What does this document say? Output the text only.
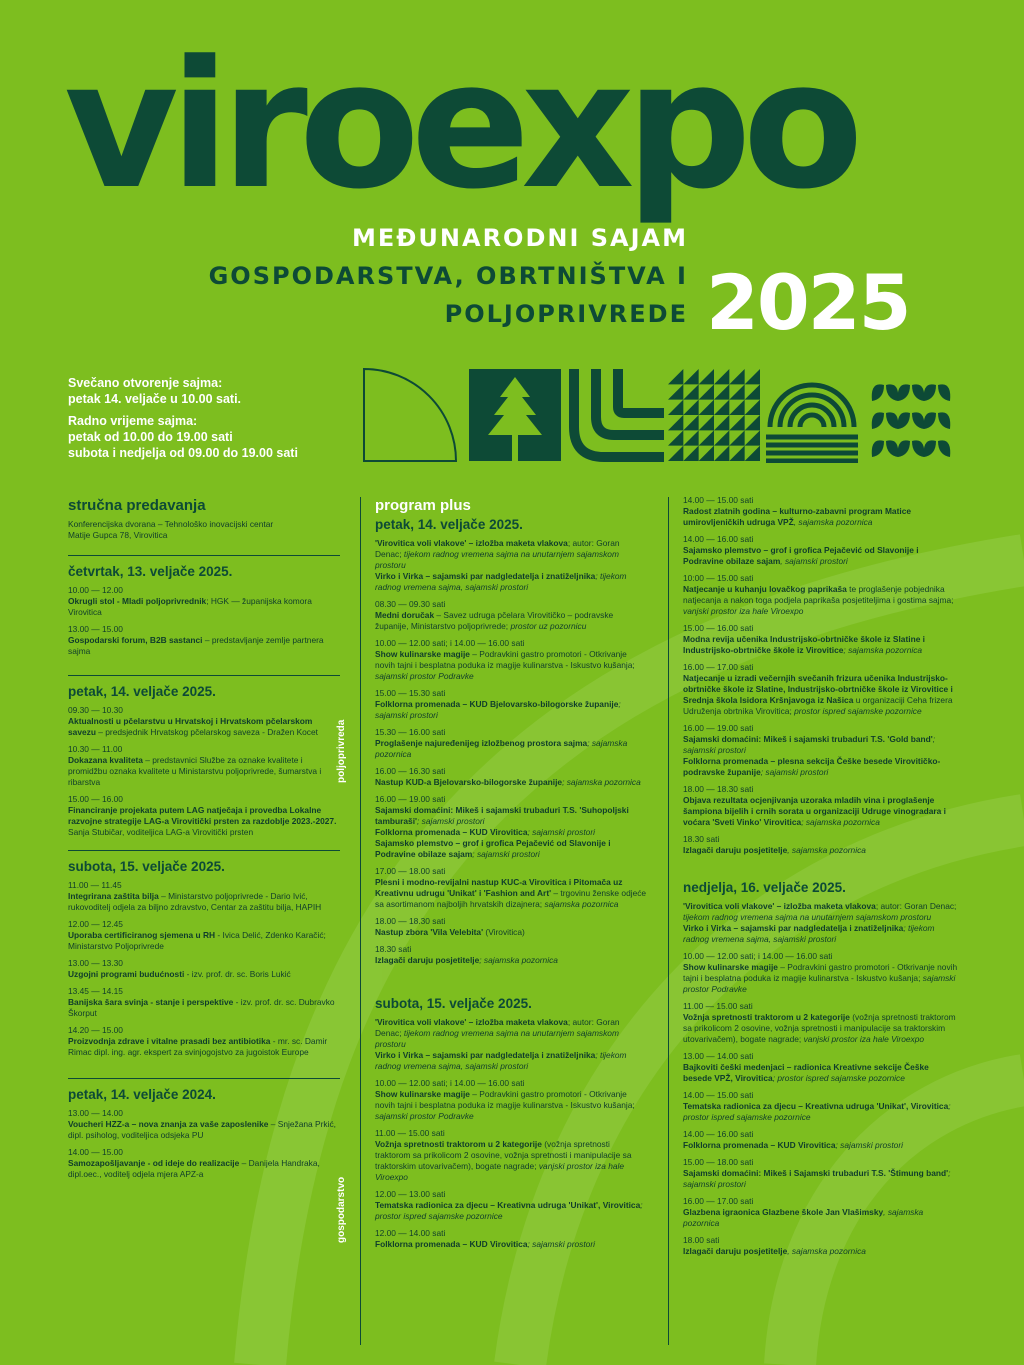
viroexpo
MEĐUNARODNI SAJAM
GOSPODARSTVA, OBRTNIŠTVA I
POLJOPRIVREDE 2025

Svečano otvorenje sajma:

petak 14. veljače u 10.00 sati.

Radno vrijeme sajma:

petak od 10.00 do 19.00 sati

subota i nedjelja od 09.00 do 19.00 sati

poljoprivreda
gospodarstvo
stručna predavanja
Konferencijska dvorana – Tehnološko inovacijski centar
Matije Gupca 78, Virovitica
četvrtak, 13. veljače 2025.
10.00 — 12.00
Okrugli stol - Mladi poljoprivrednik; HGK — županijska komora Virovitica
13.00 — 15.00
Gospodarski forum, B2B sastanci – predstavljanje zemlje partnera sajma
petak, 14. veljače 2025.
09.30 — 10.30
Aktualnosti u pčelarstvu u Hrvatskoj i Hrvatskom pčelarskom savezu – predsjednik Hrvatskog pčelarskog saveza - Dražen Kocet
10.30 — 11.00
Dokazana kvaliteta – predstavnici Službe za oznake kvalitete i promidžbu oznaka kvalitete u Ministarstvu poljoprivrede, šumarstva i ribarstva
15.00 — 16.00
Financiranje projekata putem LAG natječaja i provedba Lokalne razvojne strategije LAG-a Virovitički prsten za razdoblje 2023.-2027. Sanja Stubičar, voditeljica LAG-a Virovitički prsten
subota, 15. veljače 2025.
11.00 — 11.45
Integrirana zaštita bilja – Ministarstvo poljoprivrede - Dario Ivić, rukovoditelj odjela za biljno zdravstvo, Centar za zaštitu bilja, HAPIH
12.00 — 12.45
Uporaba certificiranog sjemena u RH - Ivica Delić, Zdenko Karačić; Ministarstvo Poljoprivrede
13.00 — 13.30
Uzgojni programi budućnosti - izv. prof. dr. sc. Boris Lukić
13.45 — 14.15
Banijska šara svinja - stanje i perspektive - izv. prof. dr. sc. Dubravko Škorput
14.20 — 15.00
Proizvodnja zdrave i vitalne prasadi bez antibiotika - mr. sc. Damir Rimac dipl. ing. agr. ekspert za svinjogojstvo za jugoistok Europe
petak, 14. veljače 2024.
13.00 — 14.00
Voucheri HZZ-a – nova znanja za vaše zaposlenike – Snježana Prkić, dipl. psiholog, voditeljica odsjeka PU
14.00 — 15.00
Samozapošljavanje - od ideje do realizacije – Danijela Handraka, dipl.oec., voditelj odjela mjera APZ-a
program plus
petak, 14. veljače 2025.
'Virovitica voli vlakove' – izložba maketa vlakova; autor: Goran Denac; tijekom radnog vremena sajma na unutarnjem sajamskom prostoru
Virko i Virka – sajamski par nadgledatelja i znatiželjnika; tijekom radnog vremena sajma, sajamski prostori
08.30 — 09.30 sati
Medni doručak – Savez udruga pčelara Virovitičko – podravske županije, Ministarstvo poljoprivrede; prostor uz pozornicu
10.00 — 12.00 sati; i 14.00 — 16.00 sati
Show kulinarske magije – Podravkini gastro promotori - Otkrivanje novih tajni i besplatna poduka iz magije kulinarstva - Iskustvo kušanja; sajamski prostor Podravke
15.00 — 15.30 sati
Folklorna promenada – KUD Bjelovarsko-bilogorske županije; sajamski prostori
15.30 — 16.00 sati
Proglašenje najuređenijeg izložbenog prostora sajma; sajamska pozornica
16.00 — 16.30 sati
Nastup KUD-a Bjelovarsko-bilogorske županije; sajamska pozornica
16.00 — 19.00 sati
Sajamski domaćini: Mikeš i sajamski trubaduri T.S. 'Suhopoljski tamburaši'; sajamski prostori
Folklorna promenada – KUD Virovitica; sajamski prostori
Sajamsko plemstvo – grof i grofica Pejačević od Slavonije i Podravine obilaze sajam; sajamski prostori
17.00 — 18.00 sati
Plesni i modno-revijalni nastup KUC-a Virovitica i Pitomača uz Kreativnu udrugu 'Unikat' i 'Fashion and Art' – trgovinu ženske odjeće sa asortimanom najboljih hrvatskih dizajnera; sajamska pozornica
18.00 — 18.30 sati
Nastup zbora 'Vila Velebita' (Virovitica)
18.30 sati
Izlagači daruju posjetitelje; sajamska pozornica
subota, 15. veljače 2025.
'Virovitica voli vlakove' – izložba maketa vlakova; autor: Goran Denac; tijekom radnog vremena sajma na unutarnjem sajamskom prostoru
Virko i Virka – sajamski par nadgledatelja i znatiželjnika; tijekom radnog vremena sajma, sajamski prostori
10.00 — 12.00 sati; i 14.00 — 16.00 sati
Show kulinarske magije – Podravkini gastro promotori - Otkrivanje novih tajni i besplatna poduka iz magije kulinarstva - Iskustvo kušanja; sajamski prostor Podravke
11.00 — 15.00 sati
Vožnja spretnosti traktorom u 2 kategorije (vožnja spretnosti traktorom sa prikolicom 2 osovine, vožnja spretnosti i manipulacije sa traktorskim utovarivačem), bogate nagrade; vanjski prostor iza hale Viroexpo
12.00 — 13.00 sati
Tematska radionica za djecu – Kreativna udruga 'Unikat', Virovitica; prostor ispred sajamske pozornice
12.00 — 14.00 sati
Folklorna promenada – KUD Virovitica; sajamski prostori
14.00 — 15.00 sati
Radost zlatnih godina – kulturno-zabavni program Matice umirovljeničkih udruga VPŽ, sajamska pozornica
14.00 — 16.00 sati
Sajamsko plemstvo – grof i grofica Pejačević od Slavonije i Podravine obilaze sajam, sajamski prostori
10:00 — 15.00 sati
Natjecanje u kuhanju lovačkog paprikaša te proglašenje pobjednika natjecanja a nakon toga podjela paprikaša posjetiteljima i gostima sajma; vanjski prostor iza hale Viroexpo
15.00 — 16.00 sati
Modna revija učenika Industrijsko-obrtničke škole iz Slatine i Industrijsko-obrtničke škole iz Virovitice; sajamska pozornica
16.00 — 17.00 sati
Natjecanje u izradi večernjih svečanih frizura učenika Industrijsko-obrtničke škole iz Slatine, Industrijsko-obrtničke škole iz Virovitice i Srednja škola Isidora Kršnjavoga iz Našica u organizaciji Ceha frizera Udruženja obrtnika Virovitica; prostor ispred sajamske pozornice
16.00 — 19.00 sati
Sajamski domaćini: Mikeš i sajamski trubaduri T.S. 'Gold band'; sajamski prostori
Folklorna promenada – plesna sekcija Češke besede Virovitičko-podravske županije; sajamski prostori
18.00 — 18.30 sati
Objava rezultata ocjenjivanja uzoraka mladih vina i proglašenje šampiona bijelih i crnih sorata u organizaciji Udruge vinogradara i voćara 'Sveti Vinko' Virovitica; sajamska pozornica
18.30 sati
Izlagači daruju posjetitelje, sajamska pozornica
nedjelja, 16. veljače 2025.
'Virovitica voli vlakove' – izložba maketa vlakova; autor: Goran Denac; tijekom radnog vremena sajma na unutarnjem sajamskom prostoru
Virko i Virka – sajamski par nadgledatelja i znatiželjnika; tijekom radnog vremena sajma, sajamski prostori
10.00 — 12.00 sati; i 14.00 — 16.00 sati
Show kulinarske magije – Podravkini gastro promotori - Otkrivanje novih tajni i besplatna poduka iz magije kulinarstva - Iskustvo kušanja; sajamski prostor Podravke
11.00 — 15.00 sati
Vožnja spretnosti traktorom u 2 kategorije (vožnja spretnosti traktorom sa prikolicom 2 osovine, vožnja spretnosti i manipulacije sa traktorskim utovarivačem), bogate nagrade; vanjski prostor iza hale Viroexpo
13.00 — 14.00 sati
Bajkoviti češki medenjaci – radionica Kreativne sekcije Češke besede VPŽ, Virovitica; prostor ispred sajamske pozornice
14.00 — 15.00 sati
Tematska radionica za djecu – Kreativna udruga 'Unikat', Virovitica; prostor ispred sajamske pozornice
14.00 — 16.00 sati
Folklorna promenada – KUD Virovitica; sajamski prostori
15.00 — 18.00 sati
Sajamski domaćini: Mikeš i Sajamski trubaduri T.S. 'Štimung band'; sajamski prostori
16.00 — 17.00 sati
Glazbena igraonica Glazbene škole Jan Vlašimsky, sajamska pozornica
18.00 sati
Izlagači daruju posjetitelje, sajamska pozornica
